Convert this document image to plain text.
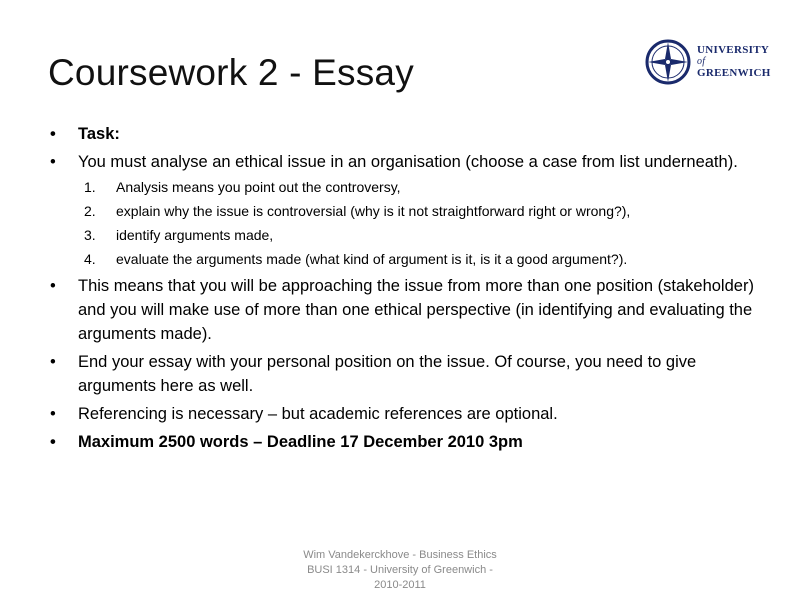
Coursework 2 - Essay
UNIVERSITY
of
GREENWICH
• Task:
• You must analyse an ethical issue in an organisation (choose a case from list underneath).
1. Analysis means you point out the controversy,
2. explain why the issue is controversial (why is it not straightforward right or wrong?),
3. identify arguments made,
4. evaluate the arguments made (what kind of argument is it, is it a good argument?).
• This means that you will be approaching the issue from more than one position (stakeholder) and you will make use of more than one ethical perspective (in identifying and evaluating the arguments made).
• End your essay with your personal position on the issue. Of course, you need to give arguments here as well.
• Referencing is necessary – but academic references are optional.
• Maximum 2500 words – Deadline 17 December 2010 3pm
Wim Vandekerckhove - Business Ethics
BUSI 1314 - University of Greenwich -
2010-2011
